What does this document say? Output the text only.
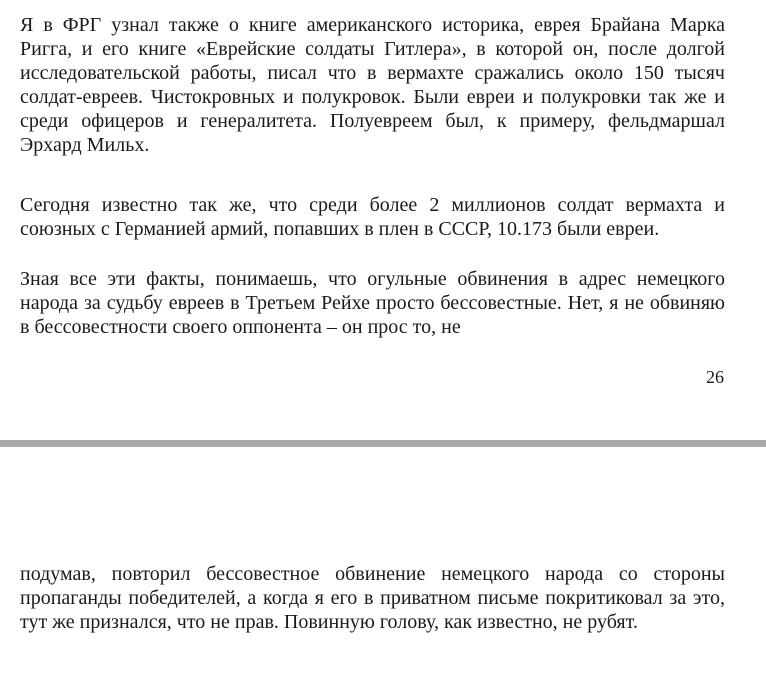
Я в ФРГ узнал также о книге американского историка, еврея Брайана Марка Ригга, и его книге «Еврейские солдаты Гитлера», в которой он, после долгой исследовательской работы, писал что в вермахте сражались около 150 тысяч солдат-евреев. Чистокровных и полукровок. Были евреи и полукровки так же и среди офицеров и генералитета. Полуевреем был, к примеру, фельдмаршал Эрхард Мильх.

Сегодня известно так же, что среди более 2 миллионов солдат вермахта и союзных с Германией армий, попавших в плен в СССР, 10.173 были евреи.

Зная все эти факты, понимаешь, что огульные обвинения в адрес немецкого народа за судьбу евреев в Третьем Рейхе просто бессовестные. Нет, я не обвиняю в бессовестности своего оппонента – он прос то, не

26

подумав, повторил бессовестное обвинение немецкого народа со стороны пропаганды победителей, а когда я его в приватном письме покритиковал за это, тут же признался, что не прав. Повинную голову, как известно, не рубят.
